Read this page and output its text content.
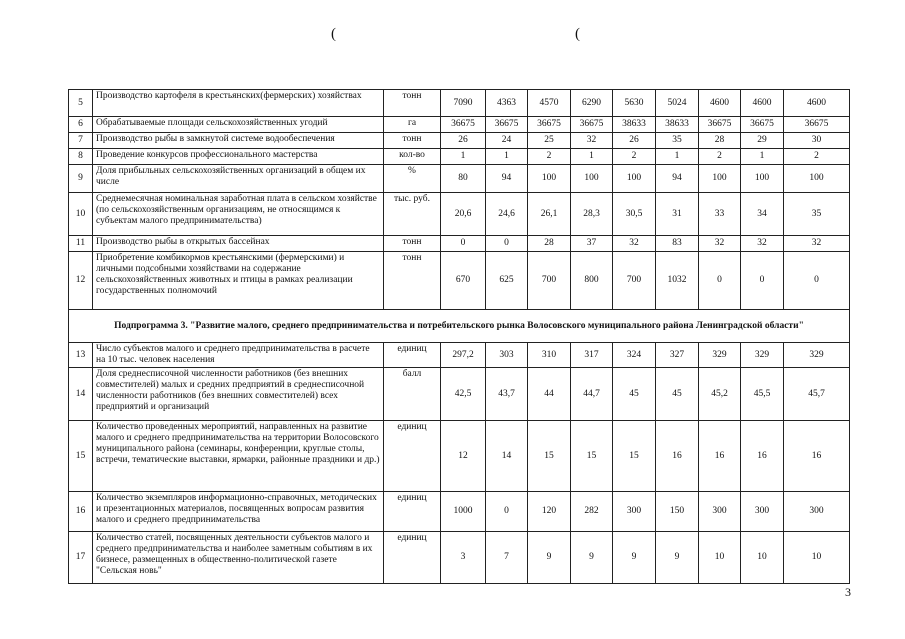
(	(
5	Производство картофеля в крестьянских(фермерских) хозяйствах	тонн	7090	4363	4570	6290	5630	5024	4600	4600	4600
6	Обрабатываемые площади сельскохозяйственных угодий	га	36675	36675	36675	36675	38633	38633	36675	36675	36675
7	Производство рыбы в замкнутой системе водообеспечения	тонн	26	24	25	32	26	35	28	29	30
8	Проведение конкурсов профессионального мастерства	кол-во	1	1	2	1	2	1	2	1	2
9	Доля прибыльных сельскохозяйственных организаций в общем их числе	%	80	94	100	100	100	94	100	100	100
10	Среднемесячная номинальная заработная плата в сельском хозяйстве (по сельскохозяйственным организациям, не относящимся к субъектам малого предпринимательства)	тыс. руб.	20,6	24,6	26,1	28,3	30,5	31	33	34	35
11	Производство рыбы в открытых бассейнах	тонн	0	0	28	37	32	83	32	32	32
12	Приобретение комбикормов крестьянскими (фермерскими) и личными подсобными хозяйствами на содержание сельскохозяйственных животных и птицы в рамках реализации государственных полномочий	тонн	670	625	700	800	700	1032	0	0	0
Подпрограмма 3. "Развитие малого, среднего предпринимательства и потребительского рынка Волосовского муниципального района Ленинградской области"											
13	Число субъектов малого и среднего предпринимательства в расчете на 10 тыс. человек населения	единиц	297,2	303	310	317	324	327	329	329	329
14	Доля среднесписочной численности работников (без внешних совместителей) малых и средних предприятий в среднесписочной численности работников (без внешних совместителей) всех предприятий и организаций	балл	42,5	43,7	44	44,7	45	45	45,2	45,5	45,7
15	Количество проведенных мероприятий, направленных на развитие малого и среднего предпринимательства на территории Волосовского муниципального района (семинары, конференции, круглые столы, встречи, тематические выставки, ярмарки, районные праздники и др.)	единиц	12	14	15	15	15	16	16	16	16
16	Количество экземпляров информационно-справочных, методических и презентационных материалов, посвященных вопросам развития малого и среднего предпринимательства	единиц	1000	0	120	282	300	150	300	300	300
17	Количество статей, посвященных деятельности субъектов малого и среднего предпринимательства и наиболее заметным событиям в их бизнесе, размещенных в общественно-политической газете "Сельская новь"	единиц	3	7	9	9	9	9	10	10	10
3
